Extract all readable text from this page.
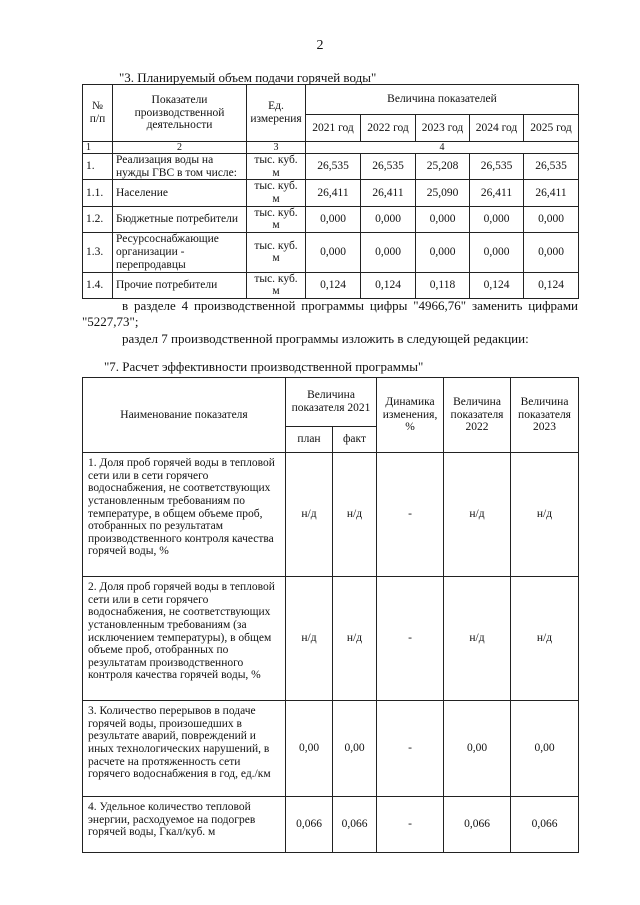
2
"3. Планируемый объем подачи горячей воды"
№ п/п	Показатели производственной деятельности	Ед. измерения	Величина показателей				
			2021 год	2022 год	2023 год	2024 год	2025 год
1	2	3	4				
1.	Реализация воды на нужды ГВС в том числе:	тыс. куб. м	26,535	26,535	25,208	26,535	26,535
1.1.	Население	тыс. куб. м	26,411	26,411	25,090	26,411	26,411
1.2.	Бюджетные потребители	тыс. куб. м	0,000	0,000	0,000	0,000	0,000
1.3.	Ресурсоснабжающие организации - перепродавцы	тыс. куб. м	0,000	0,000	0,000	0,000	0,000
1.4.	Прочие потребители	тыс. куб. м	0,124	0,124	0,118	0,124	0,124
в разделе 4 производственной программы цифры "4966,76" заменить цифрами "5227,73";
раздел 7 производственной программы изложить в следующей редакции:
"7. Расчет эффективности производственной программы"
Наименование показателя	Величина показателя 2021		Динамика изменения, %	Величина показателя 2022	Величина показателя 2023
	план	факт			
1. Доля проб горячей воды в тепловой сети или в сети горячего водоснабжения, не соответствующих установленным требованиям по температуре, в общем объеме проб, отобранных по результатам производственного контроля качества горячей воды, %	н/д	н/д	-	н/д	н/д
2. Доля проб горячей воды в тепловой сети или в сети горячего водоснабжения, не соответствующих установленным требованиям (за исключением температуры), в общем объеме проб, отобранных по результатам производственного контроля качества горячей воды, %	н/д	н/д	-	н/д	н/д
3. Количество перерывов в подаче горячей воды, произошедших в результате аварий, повреждений и иных технологических нарушений, в расчете на протяженность сети горячего водоснабжения в год, ед./км	0,00	0,00	-	0,00	0,00
4. Удельное количество тепловой энергии, расходуемое на подогрев горячей воды, Гкал/куб. м	0,066	0,066	-	0,066	0,066
